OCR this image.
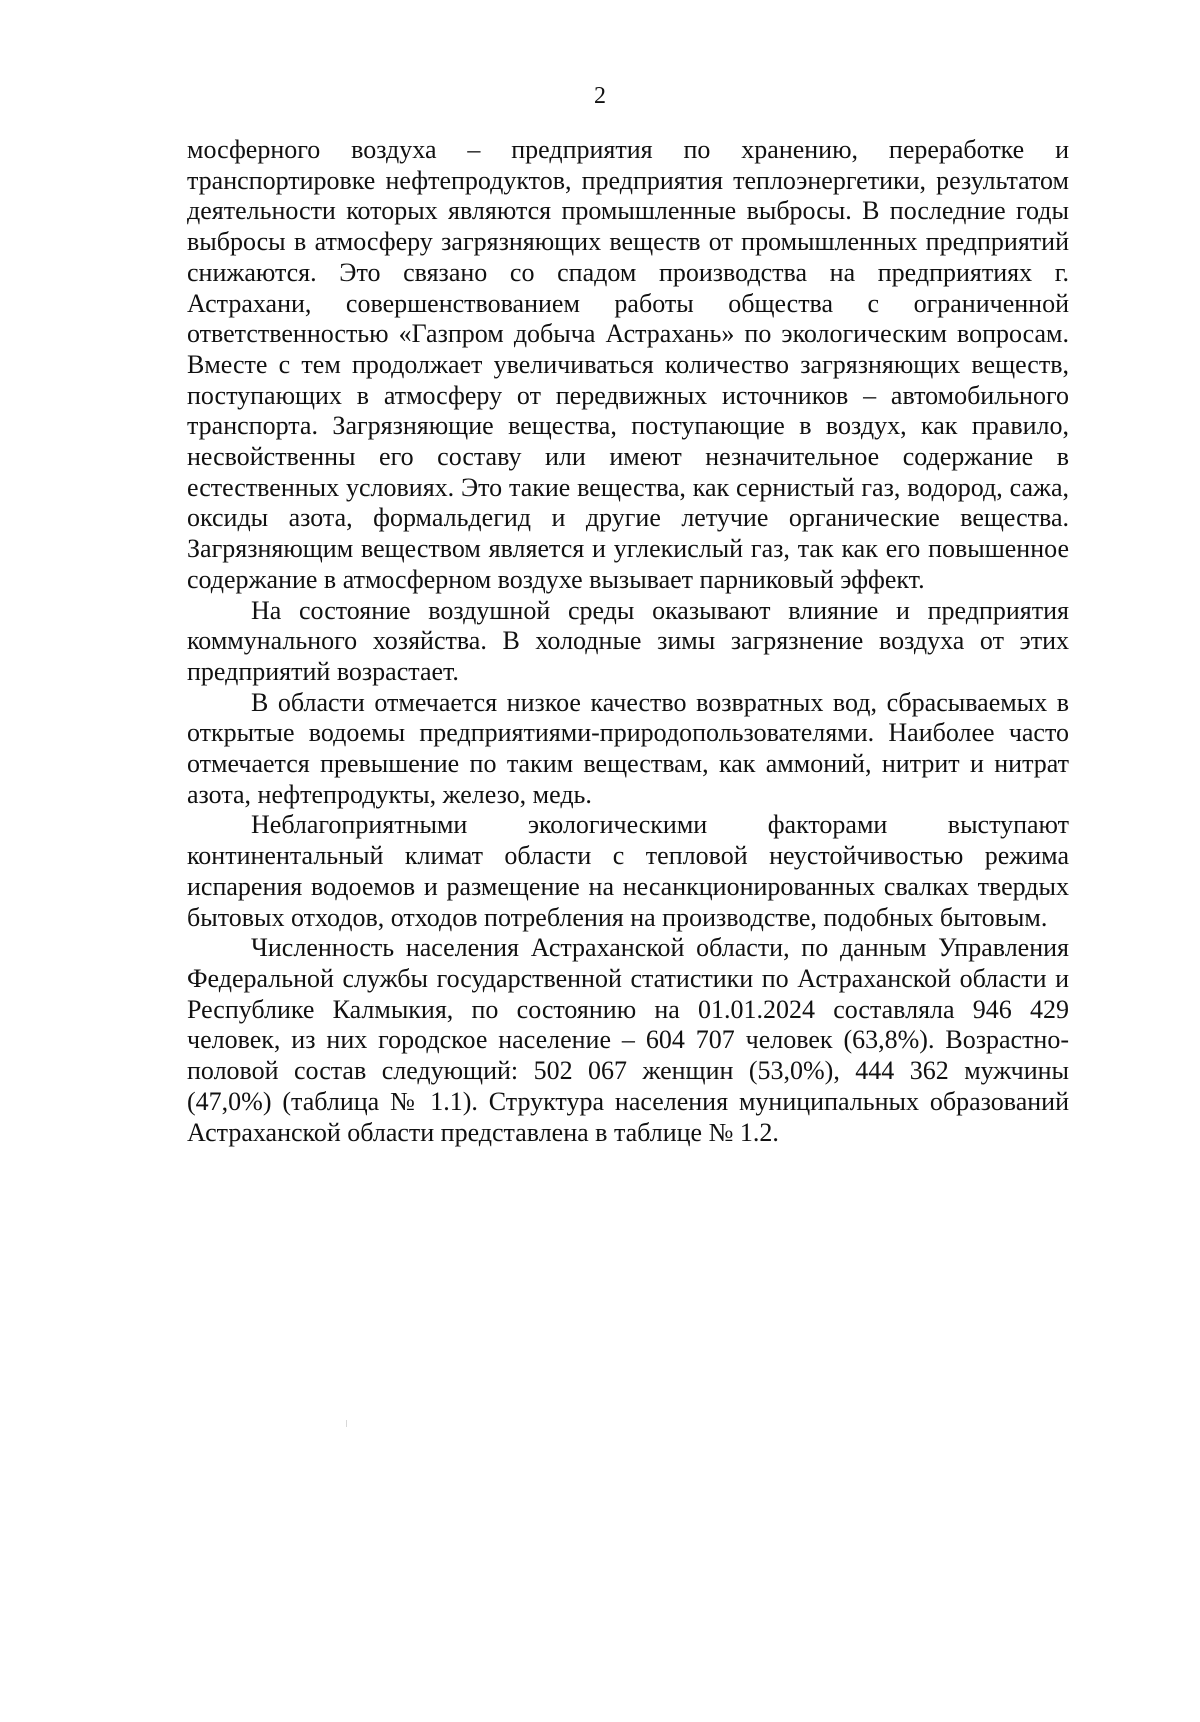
2

мосферного воздуха – предприятия по хранению, переработке и транспортировке нефтепродуктов, предприятия теплоэнергетики, результатом деятельности которых являются промышленные выбросы. В последние годы выбросы в атмосферу загрязняющих веществ от промышленных предприятий снижаются. Это связано со спадом производства на предприятиях г. Астрахани, совершенствованием работы общества с ограниченной ответственностью «Газпром добыча Астрахань» по экологическим вопросам. Вместе с тем продолжает увеличиваться количество загрязняющих веществ, поступающих в атмосферу от передвижных источников – автомобильного транспорта. Загрязняющие вещества, поступающие в воздух, как правило, несвойственны его составу или имеют незначительное содержание в естественных условиях. Это такие вещества, как сернистый газ, водород, сажа, оксиды азота, формальдегид и другие летучие органические вещества. Загрязняющим веществом является и углекислый газ, так как его повышенное содержание в атмосферном воздухе вызывает парниковый эффект.

На состояние воздушной среды оказывают влияние и предприятия коммунального хозяйства. В холодные зимы загрязнение воздуха от этих предприятий возрастает.

В области отмечается низкое качество возвратных вод, сбрасываемых в открытые водоемы предприятиями-природопользователями. Наиболее часто отмечается превышение по таким веществам, как аммоний, нитрит и нитрат азота, нефтепродукты, железо, медь.

Неблагоприятными экологическими факторами выступают континентальный климат области с тепловой неустойчивостью режима испарения водоемов и размещение на несанкционированных свалках твердых бытовых отходов, отходов потребления на производстве, подобных бытовым.

Численность населения Астраханской области, по данным Управления Федеральной службы государственной статистики по Астраханской области и Республике Калмыкия, по состоянию на 01.01.2024 составляла 946 429 человек, из них городское население – 604 707 человек (63,8%). Возрастно-половой состав следующий: 502 067 женщин (53,0%), 444 362 мужчины (47,0%) (таблица № 1.1). Структура населения муниципальных образований Астраханской области представлена в таблице № 1.2.
